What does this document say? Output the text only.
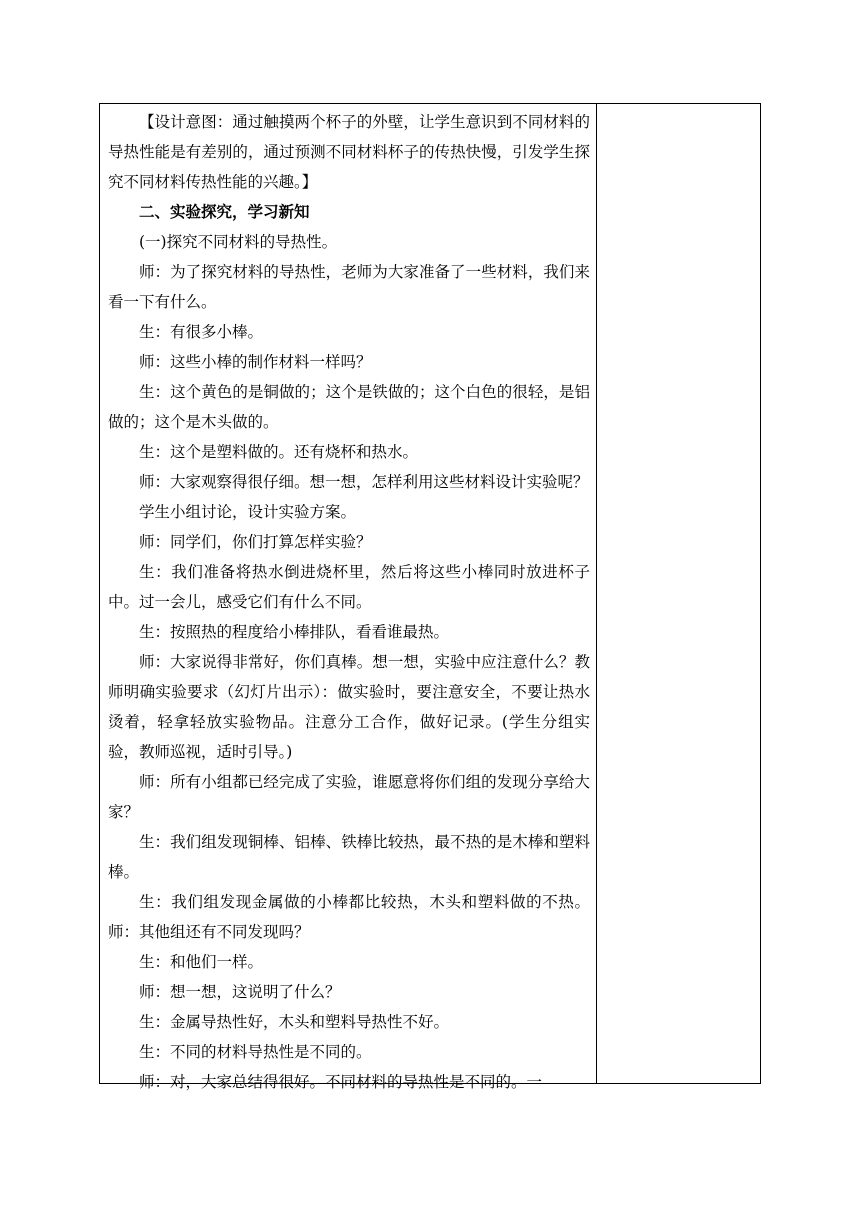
【设计意图：通过触摸两个杯子的外壁，让学生意识到不同材料的导热性能是有差别的，通过预测不同材料杯子的传热快慢，引发学生探究不同材料传热性能的兴趣。】

二、实验探究，学习新知

(一)探究不同材料的导热性。

师：为了探究材料的导热性，老师为大家准备了一些材料，我们来看一下有什么。

生：有很多小棒。

师：这些小棒的制作材料一样吗？

生：这个黄色的是铜做的；这个是铁做的；这个白色的很轻，是铝做的；这个是木头做的。

生：这个是塑料做的。还有烧杯和热水。

师：大家观察得很仔细。想一想，怎样利用这些材料设计实验呢？

学生小组讨论，设计实验方案。

师：同学们，你们打算怎样实验？

生：我们准备将热水倒进烧杯里，然后将这些小棒同时放进杯子中。过一会儿，感受它们有什么不同。

生：按照热的程度给小棒排队，看看谁最热。

师：大家说得非常好，你们真棒。想一想，实验中应注意什么？教师明确实验要求（幻灯片出示）：做实验时，要注意安全，不要让热水烫着，轻拿轻放实验物品。注意分工合作，做好记录。(学生分组实验，教师巡视，适时引导。)

师：所有小组都已经完成了实验，谁愿意将你们组的发现分享给大家？

生：我们组发现铜棒、铝棒、铁棒比较热，最不热的是木棒和塑料棒。

生：我们组发现金属做的小棒都比较热，木头和塑料做的不热。师：其他组还有不同发现吗？

生：和他们一样。

师：想一想，这说明了什么？

生：金属导热性好，木头和塑料导热性不好。

生：不同的材料导热性是不同的。

师：对，大家总结得很好。不同材料的导热性是不同的。一
